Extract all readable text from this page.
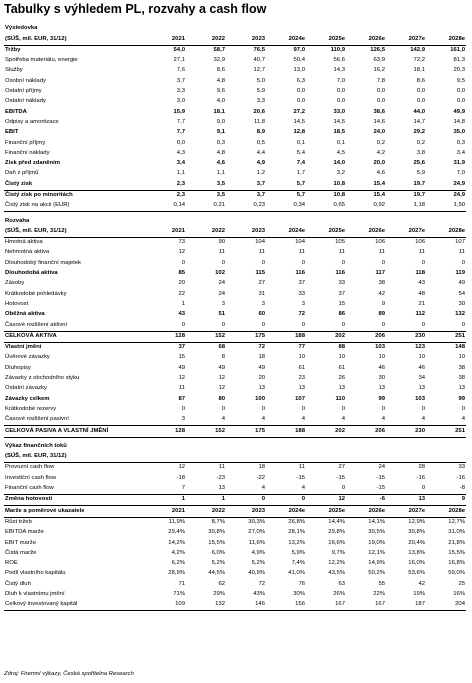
Tabulky s výhledem PL, rozvahy a cash flow
Výsledovka								
(SÚŠ, mil. EUR, 31/12)	2021	2022	2023	2024e	2025e	2026e	2027e	2028e
Tržby	54,0	58,7	76,5	97,0	110,9	126,5	142,9	161,0
Spotřeba materiálu, energie	27,1	32,9	40,7	50,4	56,6	63,9	72,2	81,3
Služby	7,6	8,6	12,7	13,0	14,3	16,2	18,1	20,3
Osobní náklady	3,7	4,8	5,0	6,3	7,0	7,8	8,6	9,5
Ostatní příjmy	3,3	9,6	5,9	0,0	0,0	0,0	0,0	0,0
Ostatní náklady	3,0	4,0	3,3	0,0	0,0	0,0	0,0	0,0
EBITDA	15,9	18,1	20,6	27,2	33,0	38,6	44,0	49,9
Odpisy a amortizace	7,7	9,0	11,8	14,5	14,5	14,6	14,7	14,8
EBIT	7,7	9,1	8,9	12,8	18,5	24,0	29,2	35,0
Finanční příjmy	0,0	0,3	0,5	0,1	0,1	0,2	0,2	0,3
Finanční náklady	4,3	4,8	4,4	5,4	4,5	4,2	3,8	3,4
Zisk před zdaněním	3,4	4,6	4,9	7,4	14,0	20,0	25,6	31,9
Daň z příjmů	1,1	1,1	1,2	1,7	3,2	4,6	5,9	7,0
Čistý zisk	2,3	3,5	3,7	5,7	10,8	15,4	19,7	24,9
Čistý zisk po minoritách	2,3	3,5	3,7	5,7	10,8	15,4	19,7	24,9
Čistý zisk na akcii (EUR)	0,14	0,21	0,23	0,34	0,65	0,92	1,18	1,50
Rozvaha								
(SÚŠ, mil. EUR, 31/12)	2021	2022	2023	2024e	2025e	2026e	2027e	2028e
Hmotná aktiva	73	90	104	104	105	106	106	107
Nehmotná aktiva	12	11	11	11	11	11	11	11
Dlouhodobý finanční majetek	0	0	0	0	0	0	0	0
Dlouhodobá aktiva	85	102	115	116	116	117	118	119
Zásoby	20	24	27	37	33	38	43	49
Krátkodobé pohledávky	22	24	31	33	37	42	48	54
Hotovost	1	3	3	3	15	9	21	30
Oběžná aktiva	43	51	60	72	86	89	112	132
Časové rozlišení aktivní	0	0	0	0	0	0	0	0
CELKOVÁ AKTIVA	128	152	175	188	202	206	230	251
Vlastní jmění	37	68	72	77	88	103	123	148
Úvěrové závazky	15	8	18	10	10	10	10	10
Dluhopisy	49	49	49	61	61	46	46	38
Závazky z obchodního styku	12	12	20	23	26	30	34	38
Ostatní závazky	11	12	13	13	13	13	13	13
Závazky celkem	87	80	100	107	110	99	103	99
Krátkodobé rezervy	0	0	0	0	0	0	0	0
Časové rozlišení pasivní	3	4	4	4	4	4	4	4
CELKOVÁ PASIVA A VLASTNÍ JMĚNÍ	128	152	175	188	202	206	230	251
Výkaz finančních toků								
(SÚŠ, mil. EUR, 31/12)								
Provozní cash flow	12	11	18	11	27	24	28	33
Investiční cash flow	-18	-23	-22	-15	-15	-15	-16	-16
Finanční cash flow	7	13	4	4	0	-15	0	-8
Změna hotovosti	1	1	0	0	12	-6	13	9
Marže a poměrové ukazatele	2021	2022	2023	2024e	2025e	2026e	2027e	2028e
Růst tržeb	11,9%	8,7%	30,3%	26,8%	14,4%	14,1%	12,9%	12,7%
EBITDA marže	29,4%	30,8%	27,0%	28,1%	29,8%	30,5%	30,8%	31,0%
EBIT marže	14,2%	15,5%	11,6%	13,2%	16,6%	19,0%	20,4%	21,8%
Čistá marže	4,2%	6,0%	4,9%	5,9%	9,7%	12,1%	13,8%	15,5%
ROE	6,2%	5,2%	5,2%	7,4%	12,2%	14,9%	16,0%	16,8%
Podíl vlastního kapitálu	28,9%	44,5%	40,9%	41,0%	43,5%	50,2%	53,6%	59,0%
Čistý dluh	71	62	72	76	63	55	42	25
Dluh k vlastnímu jmění	71%	29%	43%	30%	26%	22%	19%	16%
Celkový investovaný kapitál	109	132	146	156	167	167	187	204
Zdroj: Firemní výkazy, Česká spořitelna Research
